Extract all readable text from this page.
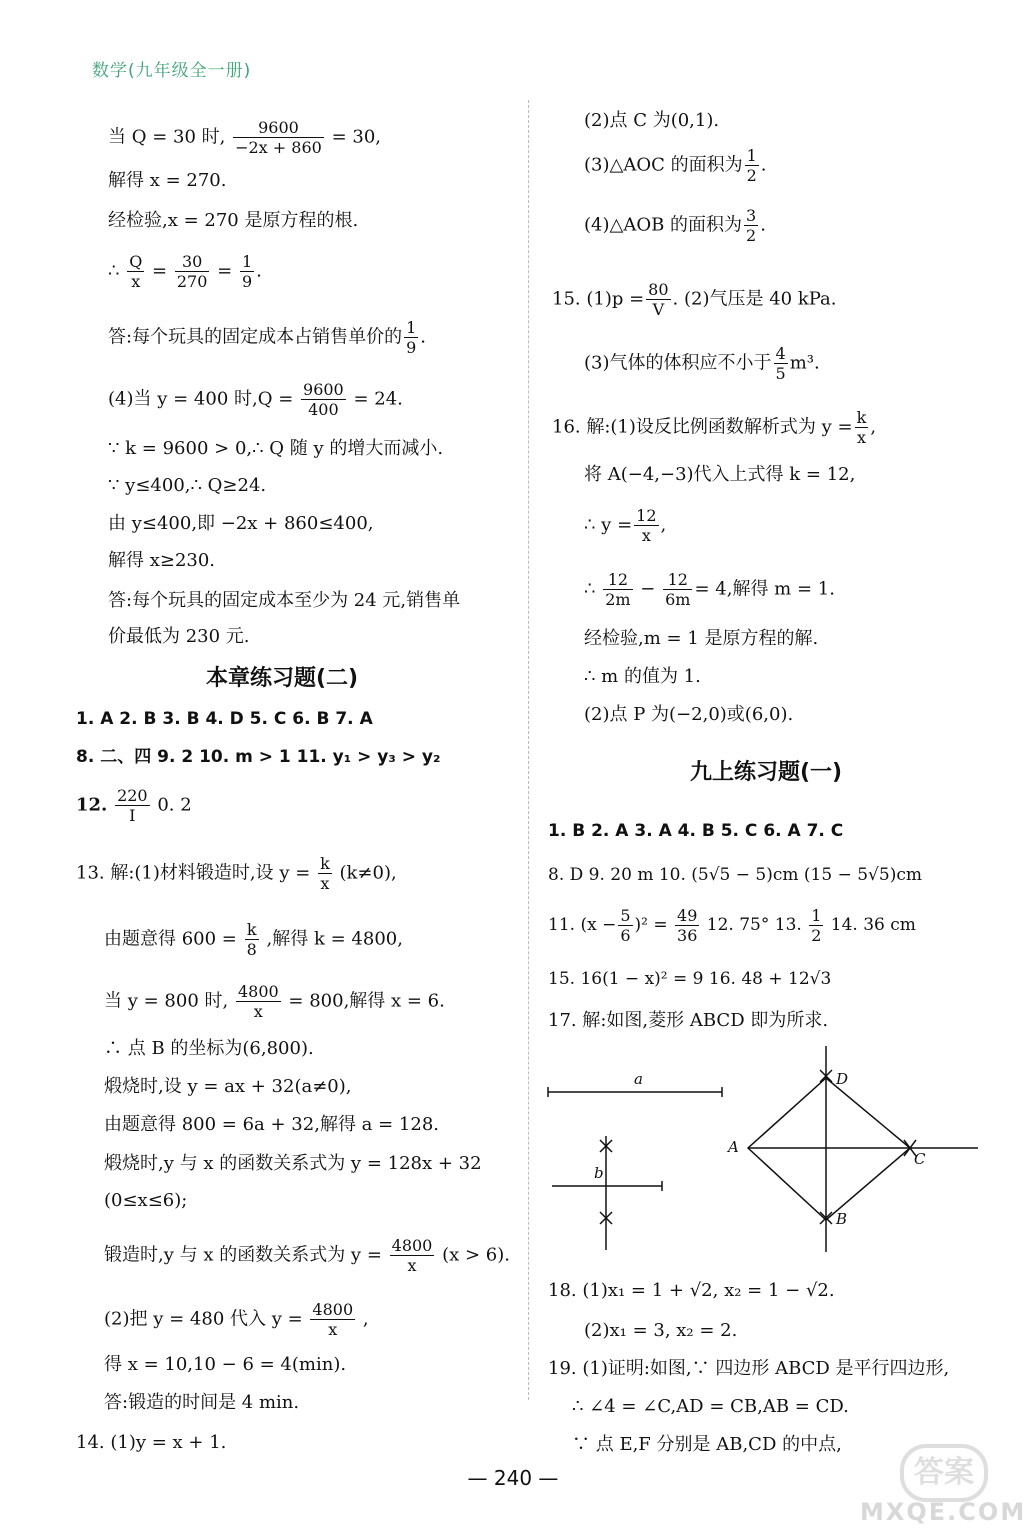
数学(九年级全一册)
当 Q = 30 时, $\frac{9600}{-2x + 860} = 30$,
解得 x = 270.
经检验,x = 270 是原方程的根.
∴ $\frac{Q}{x} = \frac{30}{270} = \frac{1}{9}$ .
答:每个玩具的固定成本占销售单价的 $\frac{1}{9}$ .
(4)当 y = 400 时$,Q = \frac{9600}{400} = 24$.
∵ k = 9600 > 0,∴ Q 随 y 的增大而减小.
∵ y≤400,∴ Q≥24.
由 y≤400,即 −2x + 860≤400,
解得 x≥230.
答:每个玩具的固定成本至少为 24 元,销售单
价最低为 230 元.
本章练习题(二)
1. A 2. B 3. B 4. D 5. C 6. B 7. A
8. 二、四 9. 2 10. m > 1 11. y₁ > y₃ > y₂
12. $\frac{220}{I} 0$. 2
13. 解:(1)材料锻造时,设 $y = \frac{k}{x} (k\ne 0)$,
由题意得 $600 = \frac{k}{8}$ ,解得 k = 4800,
当 y = 800 时, $\frac{4800}{x} = 800$,解得 x = 6.
∴ 点 B 的坐标为(6,800).
煅烧时,设 y = ax + 32(a≠0),
由题意得 800 = 6a + 32,解得 a = 128.
煅烧时,y 与 x 的函数关系式为 y = 128x + 32
(0≤x≤6);
锻造时,y 与 x 的函数关系式为 $y = \frac{4800}{x} (x > 6)$.
(2)把 y = 480 代入 $y = \frac{4800}{x}$ ,
得 x = 10,10 − 6 = 4(min).
答:锻造的时间是 4 min.
14. (1)y = x + 1.
(2)点 C 为(0,1).
(3)△AOC 的面积为 $\frac{1}{2}$ .
(4)△AOB 的面积为 $\frac{3}{2}$ .
15. $(1)p = \frac{80}{V}$ . (2)气压是 40 kPa.
(3)气体的体积应不小于 $\frac{4}{5} m^3$.
16. 解:(1)设反比例函数解析式为 $y = \frac{k}{x}$ ,
将 A(−4,−3)代入上式得 k = 12,
∴ $y = \frac{12}{x}$ ,
∴ $\frac{12}{2m} - \frac{12}{6m} = 4$,解得 m = 1.
经检验,m = 1 是原方程的解.
∴ m 的值为 1.
(2)点 P 为(−2,0)或(6,0).
九上练习题(一)
1. B 2. A 3. A 4. B 5. C 6. A 7. C
8. D 9. 20 m 10. (5√5 − 5)cm (15 − 5√5)cm
11. $(x - \frac{5}{6} )^2 = \frac{49}{36} 12$. 75° 13. $\frac{1}{2} 14$. 36 cm
15. 16(1 − x)² = 9 16. 48 + 12√3
17. 解:如图,菱形 ABCD 即为所求.
a
b
A
B
C
D
18. (1)x₁ = 1 + √2, x₂ = 1 − √2.
(2)x₁ = 3, x₂ = 2.
19. (1)证明:如图,∵ 四边形 ABCD 是平行四边形,
∴ ∠4 = ∠C,AD = CB,AB = CD.
∵ 点 E,F 分别是 AB,CD 的中点,
— 240 —	答案
MXQE.COM
